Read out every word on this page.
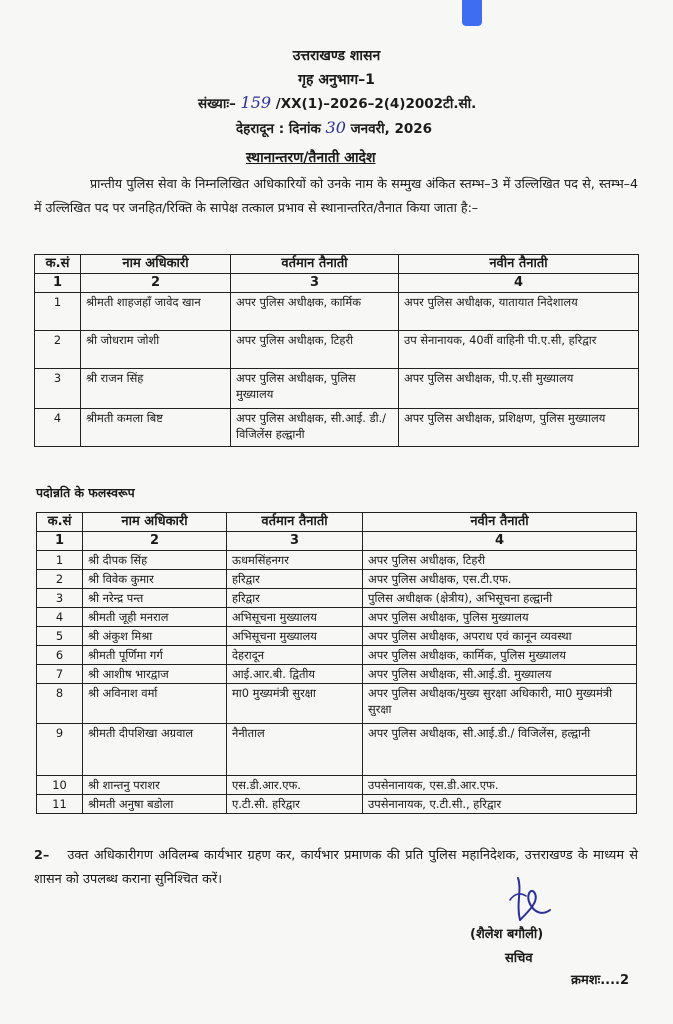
उत्तराखण्ड शासन
गृह अनुभाग–1
संख्याः– 159 /XX(1)–2026–2(4)2002टी.सी.
देहरादून : दिनांक 30 जनवरी, 2026
स्थानान्तरण/तैनाती आदेश

प्रान्तीय पुलिस सेवा के निम्नलिखित अधिकारियों को उनके नाम के सम्मुख अंकित स्तम्भ–3 में उल्लिखित पद से, स्तम्भ–4 में उल्लिखित पद पर जनहित/रिक्ति के सापेक्ष तत्काल प्रभाव से स्थानान्तरित/तैनात किया जाता है:–

क.सं	नाम अधिकारी	वर्तमान तैनाती	नवीन तैनाती
1	2	3	4
1	श्रीमती शाहजहाँ जावेद खान	अपर पुलिस अधीक्षक, कार्मिक	अपर पुलिस अधीक्षक, यातायात निदेशालय
2	श्री जोधराम जोशी	अपर पुलिस अधीक्षक, टिहरी	उप सेनानायक, 40वीं वाहिनी पी.ए.सी, हरिद्वार
3	श्री राजन सिंह	अपर पुलिस अधीक्षक, पुलिस मुख्यालय	अपर पुलिस अधीक्षक, पी.ए.सी मुख्यालय
4	श्रीमती कमला बिष्ट	अपर पुलिस अधीक्षक, सी.आई. डी./विजिलेंस हल्द्वानी	अपर पुलिस अधीक्षक, प्रशिक्षण, पुलिस मुख्यालय
पदोन्नति के फलस्वरूप
क.सं	नाम अधिकारी	वर्तमान तैनाती	नवीन तैनाती
1	2	3	4
1	श्री दीपक सिंह	ऊधमसिंहनगर	अपर पुलिस अधीक्षक, टिहरी
2	श्री विवेक कुमार	हरिद्वार	अपर पुलिस अधीक्षक, एस.टी.एफ.
3	श्री नरेन्द्र पन्त	हरिद्वार	पुलिस अधीक्षक (क्षेत्रीय), अभिसूचना हल्द्वानी
4	श्रीमती जूही मनराल	अभिसूचना मुख्यालय	अपर पुलिस अधीक्षक, पुलिस मुख्यालय
5	श्री अंकुश मिश्रा	अभिसूचना मुख्यालय	अपर पुलिस अधीक्षक, अपराध एवं कानून व्यवस्था
6	श्रीमती पूर्णिमा गर्ग	देहरादून	अपर पुलिस अधीक्षक, कार्मिक, पुलिस मुख्यालय
7	श्री आशीष भारद्वाज	आई.आर.बी. द्वितीय	अपर पुलिस अधीक्षक, सी.आई.डी. मुख्यालय
8	श्री अविनाश वर्मा	मा0 मुख्यमंत्री सुरक्षा	अपर पुलिस अधीक्षक/मुख्य सुरक्षा अधिकारी, मा0 मुख्यमंत्री सुरक्षा
9	श्रीमती दीपशिखा अग्रवाल	नैनीताल	अपर पुलिस अधीक्षक, सी.आई.डी./ विजिलेंस, हल्द्वानी
10	श्री शान्तनु पराशर	एस.डी.आर.एफ.	उपसेनानायक, एस.डी.आर.एफ.
11	श्रीमती अनुषा बडोला	ए.टी.सी. हरिद्वार	उपसेनानायक, ए.टी.सी., हरिद्वार

2– उक्त अधिकारीगण अविलम्ब कार्यभार ग्रहण कर, कार्यभार प्रमाणक की प्रति पुलिस महानिदेशक, उत्तराखण्ड के माध्यम से शासन को उपलब्ध कराना सुनिश्चित करें।

(शैलेश बगौली)
सचिव
क्रमशः....2
